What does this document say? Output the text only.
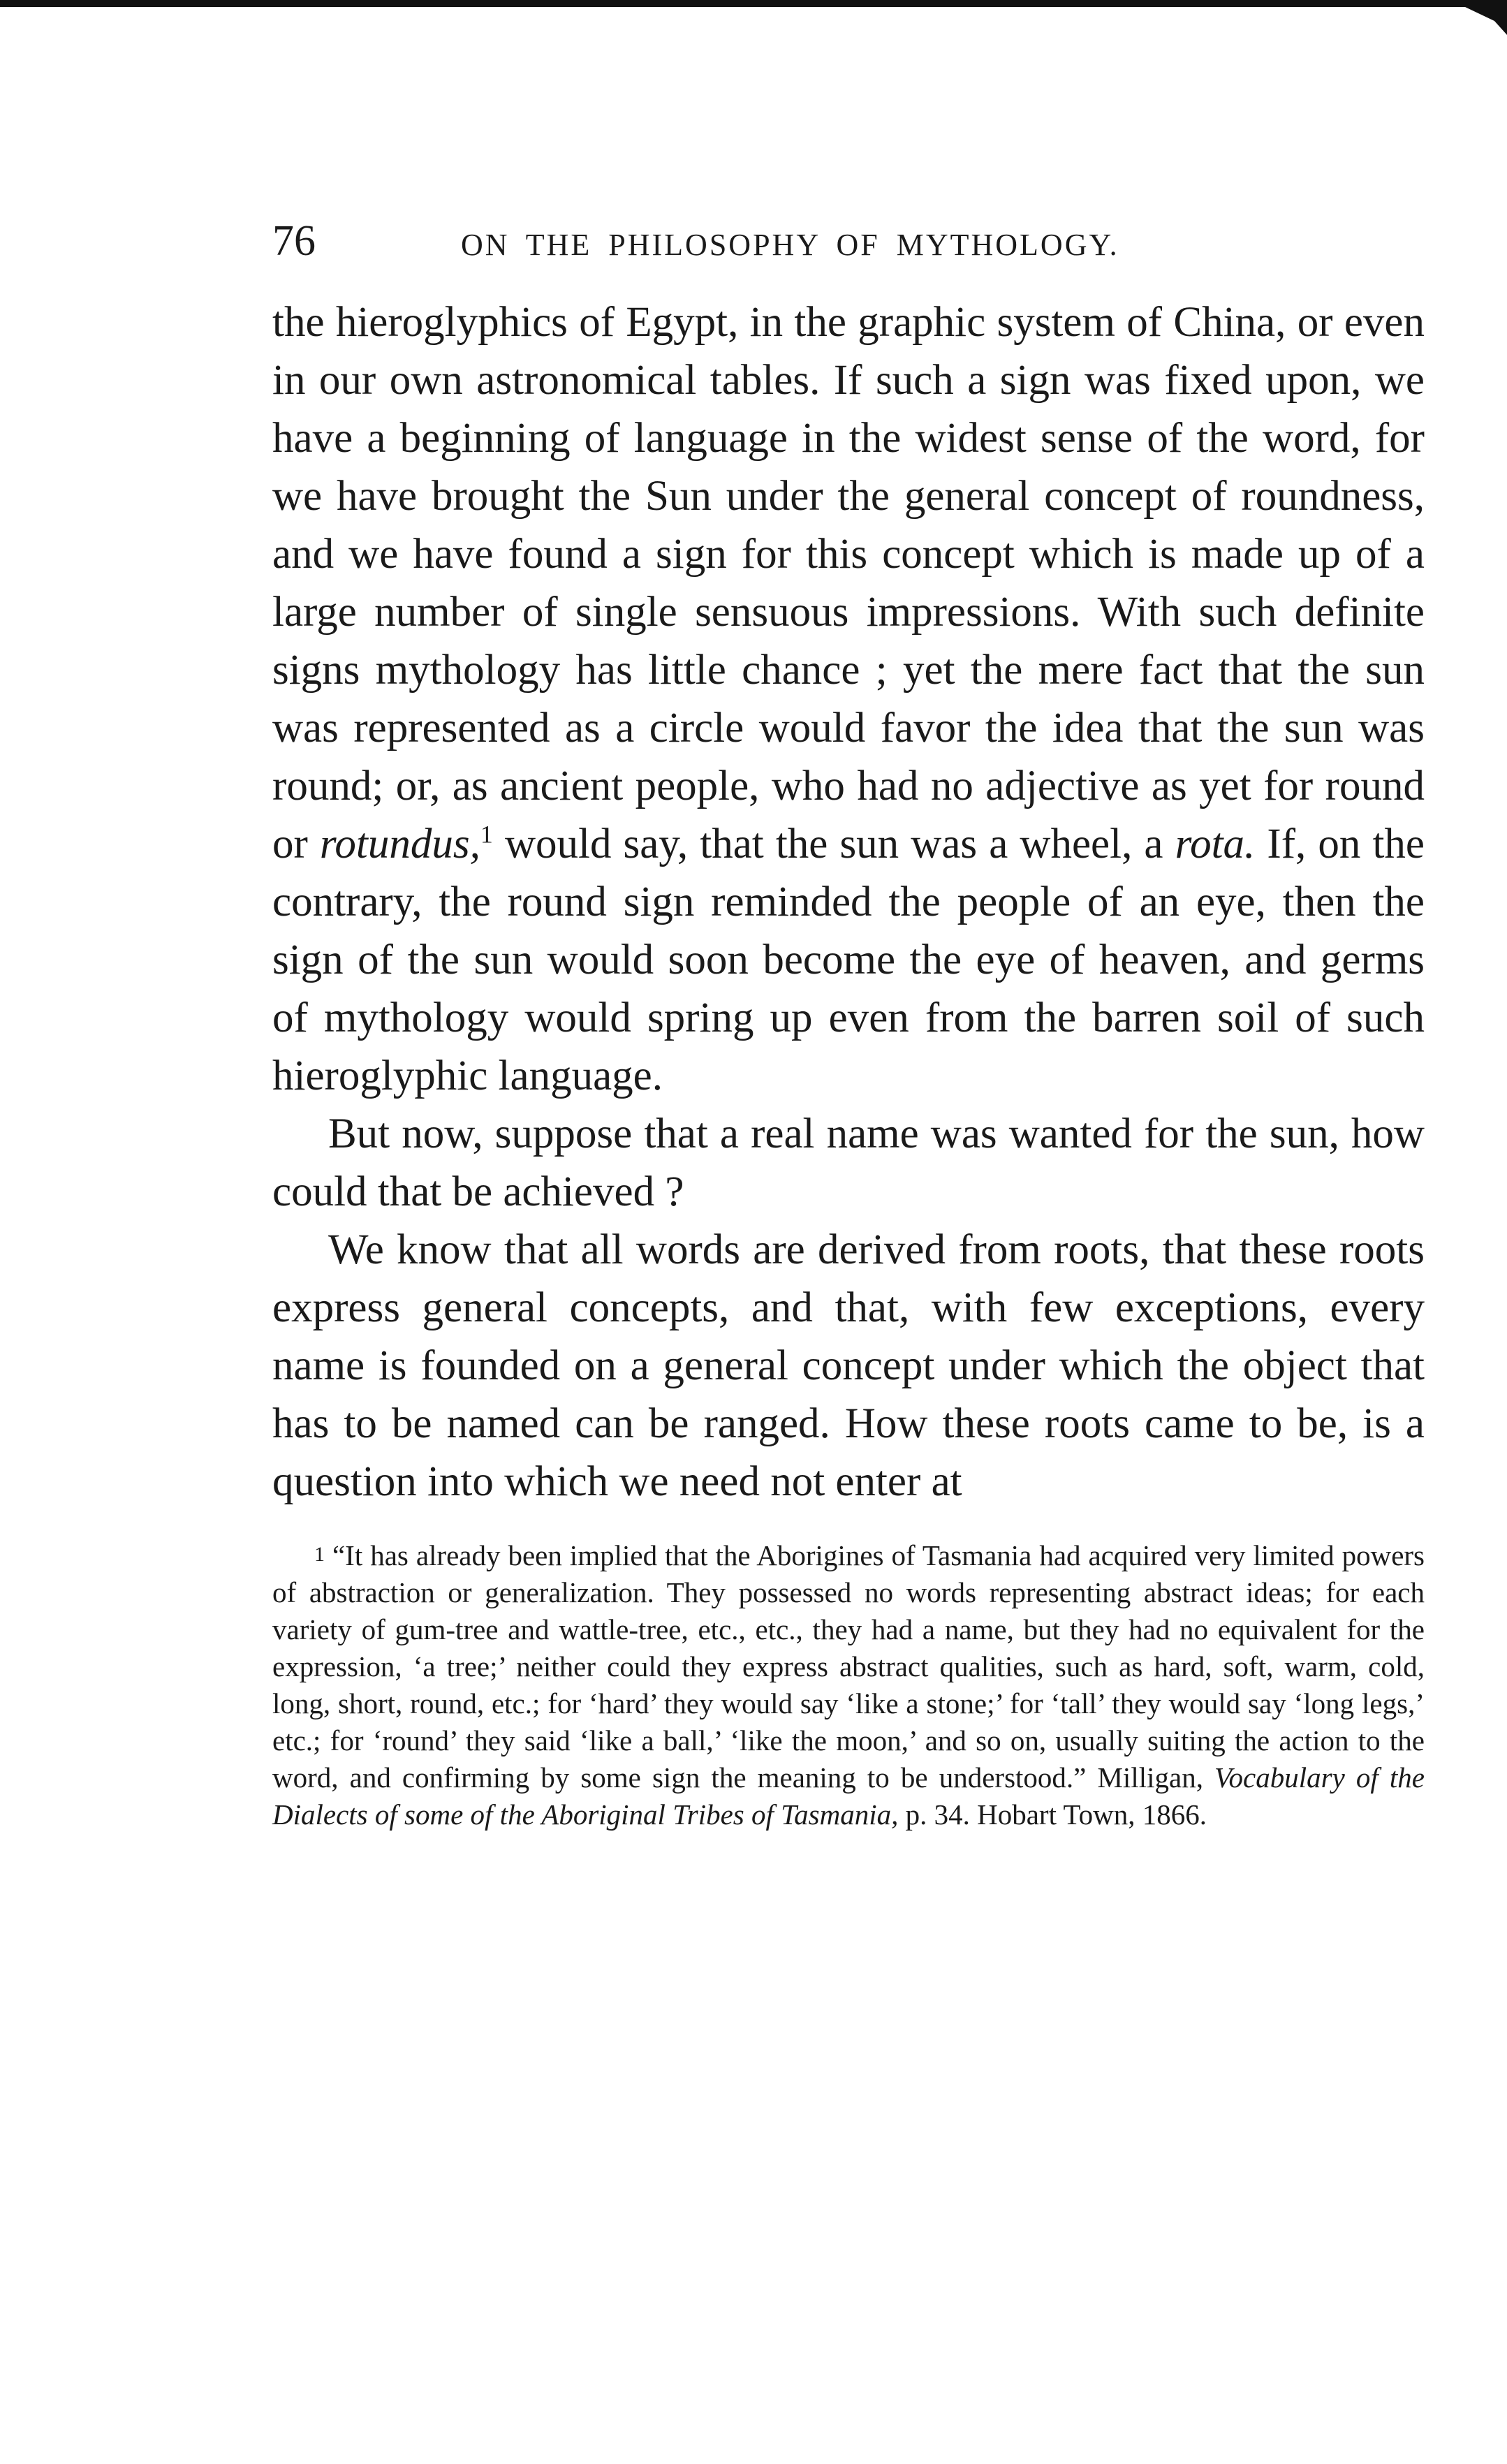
76	ON THE PHILOSOPHY OF MYTHOLOGY.

the hieroglyphics of Egypt, in the graphic system of China, or even in our own astronomical tables. If such a sign was fixed upon, we have a beginning of language in the widest sense of the word, for we have brought the Sun under the general concept of roundness, and we have found a sign for this concept which is made up of a large number of single sensuous impressions. With such definite signs mythology has little chance ; yet the mere fact that the sun was represented as a circle would favor the idea that the sun was round; or, as ancient people, who had no adjective as yet for round or rotundus,$^1$ would say, that the sun was a wheel, a rota. If, on the contrary, the round sign reminded the people of an eye, then the sign of the sun would soon become the eye of heaven, and germs of mythology would spring up even from the barren soil of such hieroglyphic language.

But now, suppose that a real name was wanted for the sun, how could that be achieved ?

We know that all words are derived from roots, that these roots express general concepts, and that, with few exceptions, every name is founded on a general concept under which the object that has to be named can be ranged. How these roots came to be, is a question into which we need not enter at

1 “It has already been implied that the Aborigines of Tasmania had acquired very limited powers of abstraction or generalization. They possessed no words representing abstract ideas; for each variety of gum-tree and wattle-tree, etc., etc., they had a name, but they had no equivalent for the expression, ‘a tree;’ neither could they express abstract qualities, such as hard, soft, warm, cold, long, short, round, etc.; for ‘hard’ they would say ‘like a stone;’ for ‘tall’ they would say ‘long legs,’ etc.; for ‘round’ they said ‘like a ball,’ ‘like the moon,’ and so on, usually suiting the action to the word, and confirming by some sign the meaning to be understood.” Milligan, Vocabulary of the Dialects of some of the Aboriginal Tribes of Tasmania, p. 34. Hobart Town, 1866.
